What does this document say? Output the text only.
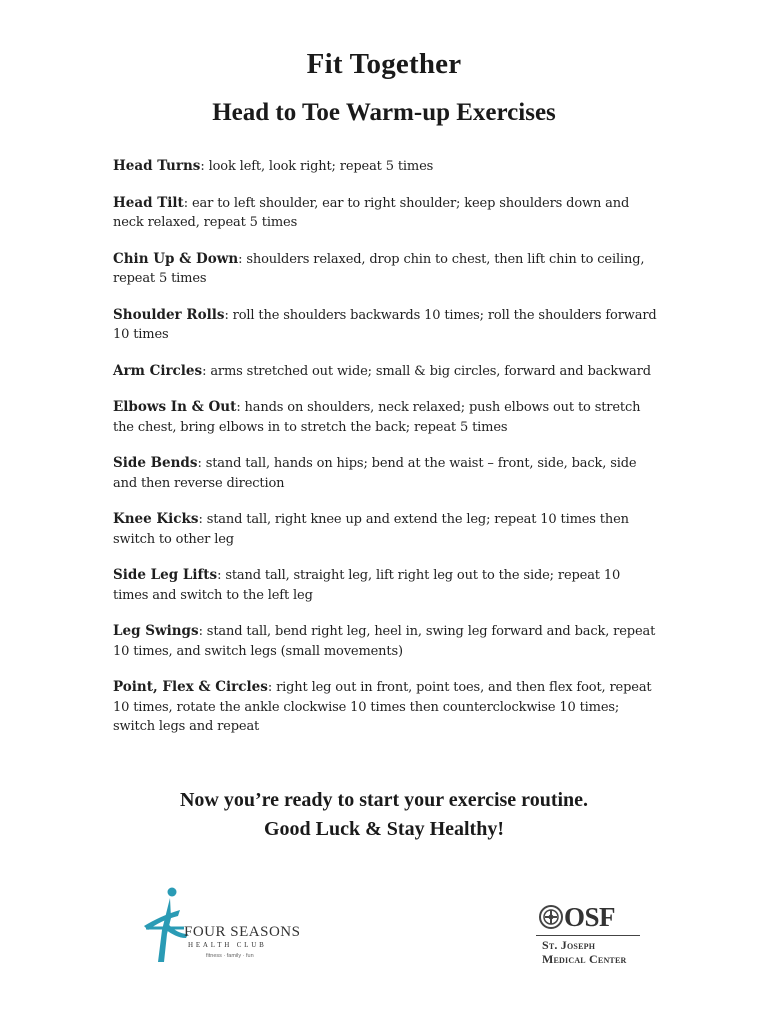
Fit Together
Head to Toe Warm-up Exercises

Head Turns: look left, look right; repeat 5 times

Head Tilt: ear to left shoulder, ear to right shoulder; keep shoulders down and neck relaxed, repeat 5 times

Chin Up & Down: shoulders relaxed, drop chin to chest, then lift chin to ceiling, repeat 5 times

Shoulder Rolls: roll the shoulders backwards 10 times; roll the shoulders forward 10 times

Arm Circles: arms stretched out wide; small & big circles, forward and backward

Elbows In & Out: hands on shoulders, neck relaxed; push elbows out to stretch the chest, bring elbows in to stretch the back; repeat 5 times

Side Bends: stand tall, hands on hips; bend at the waist – front, side, back, side and then reverse direction

Knee Kicks: stand tall, right knee up and extend the leg; repeat 10 times then switch to other leg

Side Leg Lifts: stand tall, straight leg, lift right leg out to the side; repeat 10 times and switch to the left leg

Leg Swings: stand tall, bend right leg, heel in, swing leg forward and back, repeat 10 times, and switch legs (small movements)

Point, Flex & Circles: right leg out in front, point toes, and then flex foot, repeat 10 times, rotate the ankle clockwise 10 times then counterclockwise 10 times; switch legs and repeat

Now you’re ready to start your exercise routine.
Good Luck & Stay Healthy!
FOUR SEASONS
HEALTH CLUB
fitness · family · fun
OSF
St. Joseph
Medical Center
